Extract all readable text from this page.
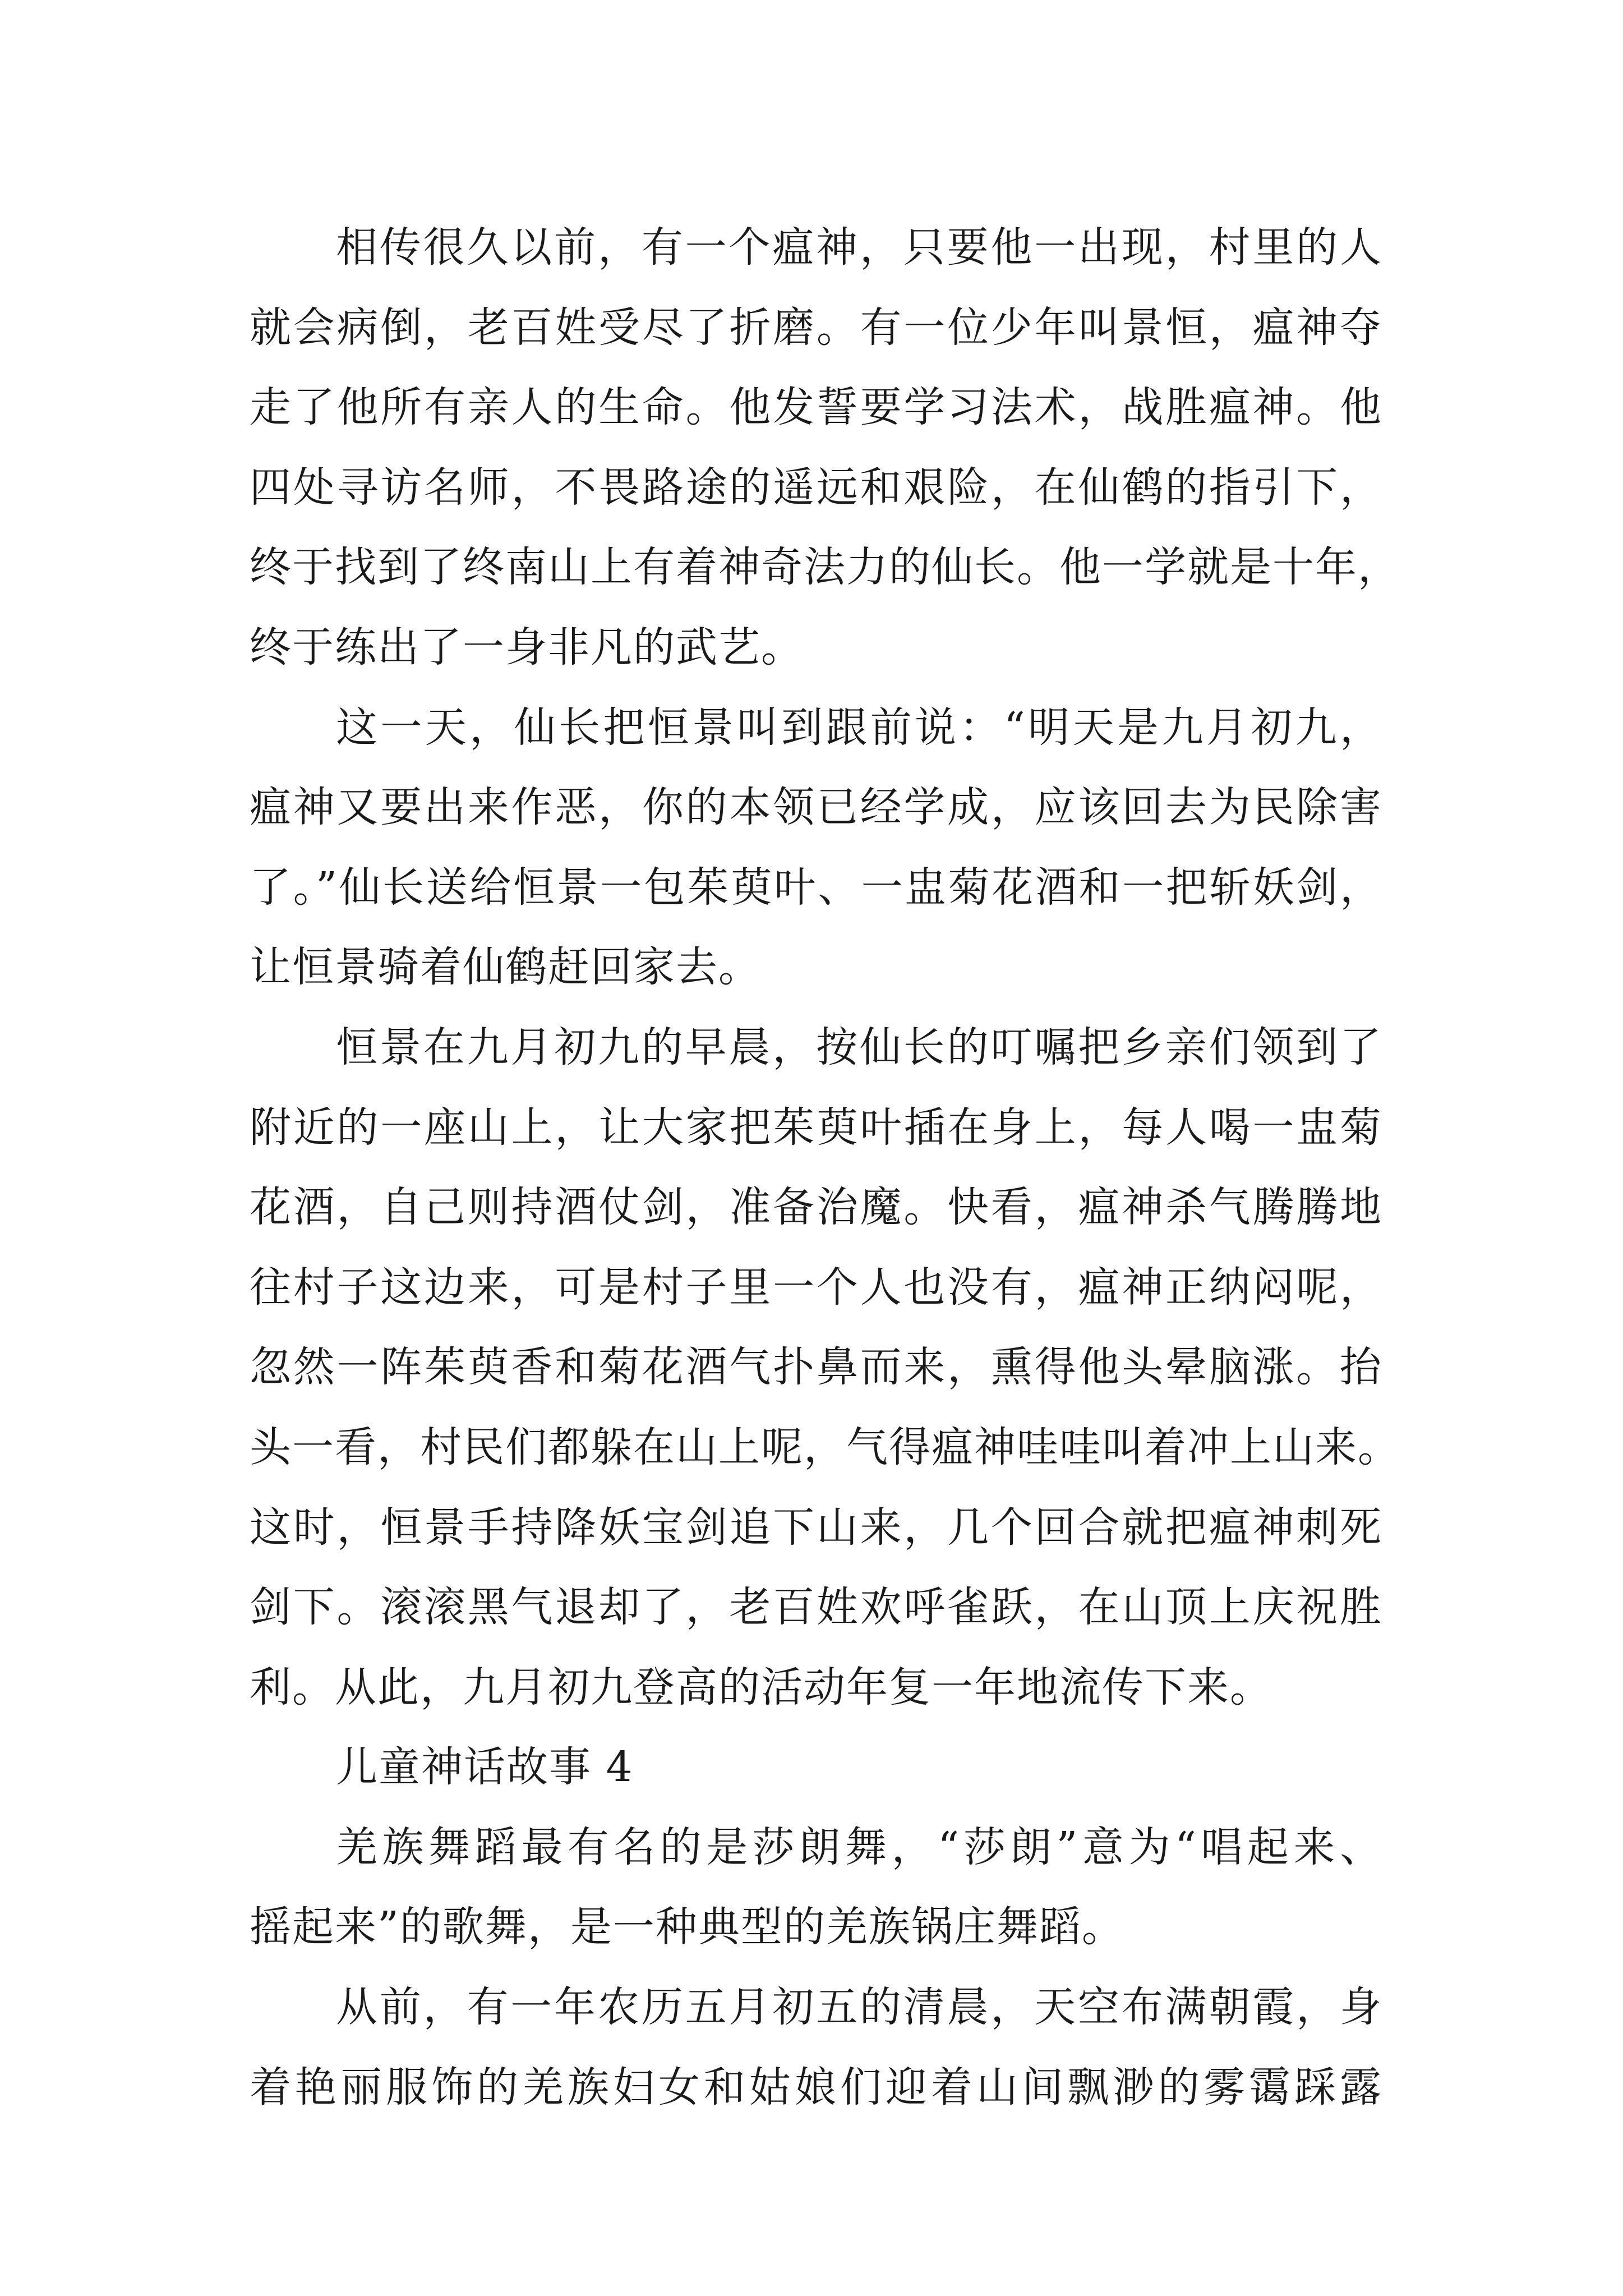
相传很久以前，有一个瘟神，只要他一出现，村里的人
就会病倒，老百姓受尽了折磨。有一位少年叫景恒，瘟神夺
走了他所有亲人的生命。他发誓要学习法术，战胜瘟神。他
四处寻访名师，不畏路途的遥远和艰险，在仙鹤的指引下，
终于找到了终南山上有着神奇法力的仙长。他一学就是十年，
终于练出了一身非凡的武艺。
这一天，仙长把恒景叫到跟前说：“明天是九月初九，
瘟神又要出来作恶，你的本领已经学成，应该回去为民除害
了。”仙长送给恒景一包茱萸叶、一盅菊花酒和一把斩妖剑，
让恒景骑着仙鹤赶回家去。
恒景在九月初九的早晨，按仙长的叮嘱把乡亲们领到了
附近的一座山上，让大家把茱萸叶插在身上，每人喝一盅菊
花酒，自己则持酒仗剑，准备治魔。快看，瘟神杀气腾腾地
往村子这边来，可是村子里一个人也没有，瘟神正纳闷呢，
忽然一阵茱萸香和菊花酒气扑鼻而来，熏得他头晕脑涨。抬
头一看，村民们都躲在山上呢，气得瘟神哇哇叫着冲上山来。
这时，恒景手持降妖宝剑追下山来，几个回合就把瘟神刺死
剑下。滚滚黑气退却了，老百姓欢呼雀跃，在山顶上庆祝胜
利。从此，九月初九登高的活动年复一年地流传下来。
儿童神话故事 4
羌族舞蹈最有名的是莎朗舞，“莎朗”意为“唱起来、
摇起来”的歌舞，是一种典型的羌族锅庄舞蹈。
从前，有一年农历五月初五的清晨，天空布满朝霞，身
着艳丽服饰的羌族妇女和姑娘们迎着山间飘渺的雾霭踩露
